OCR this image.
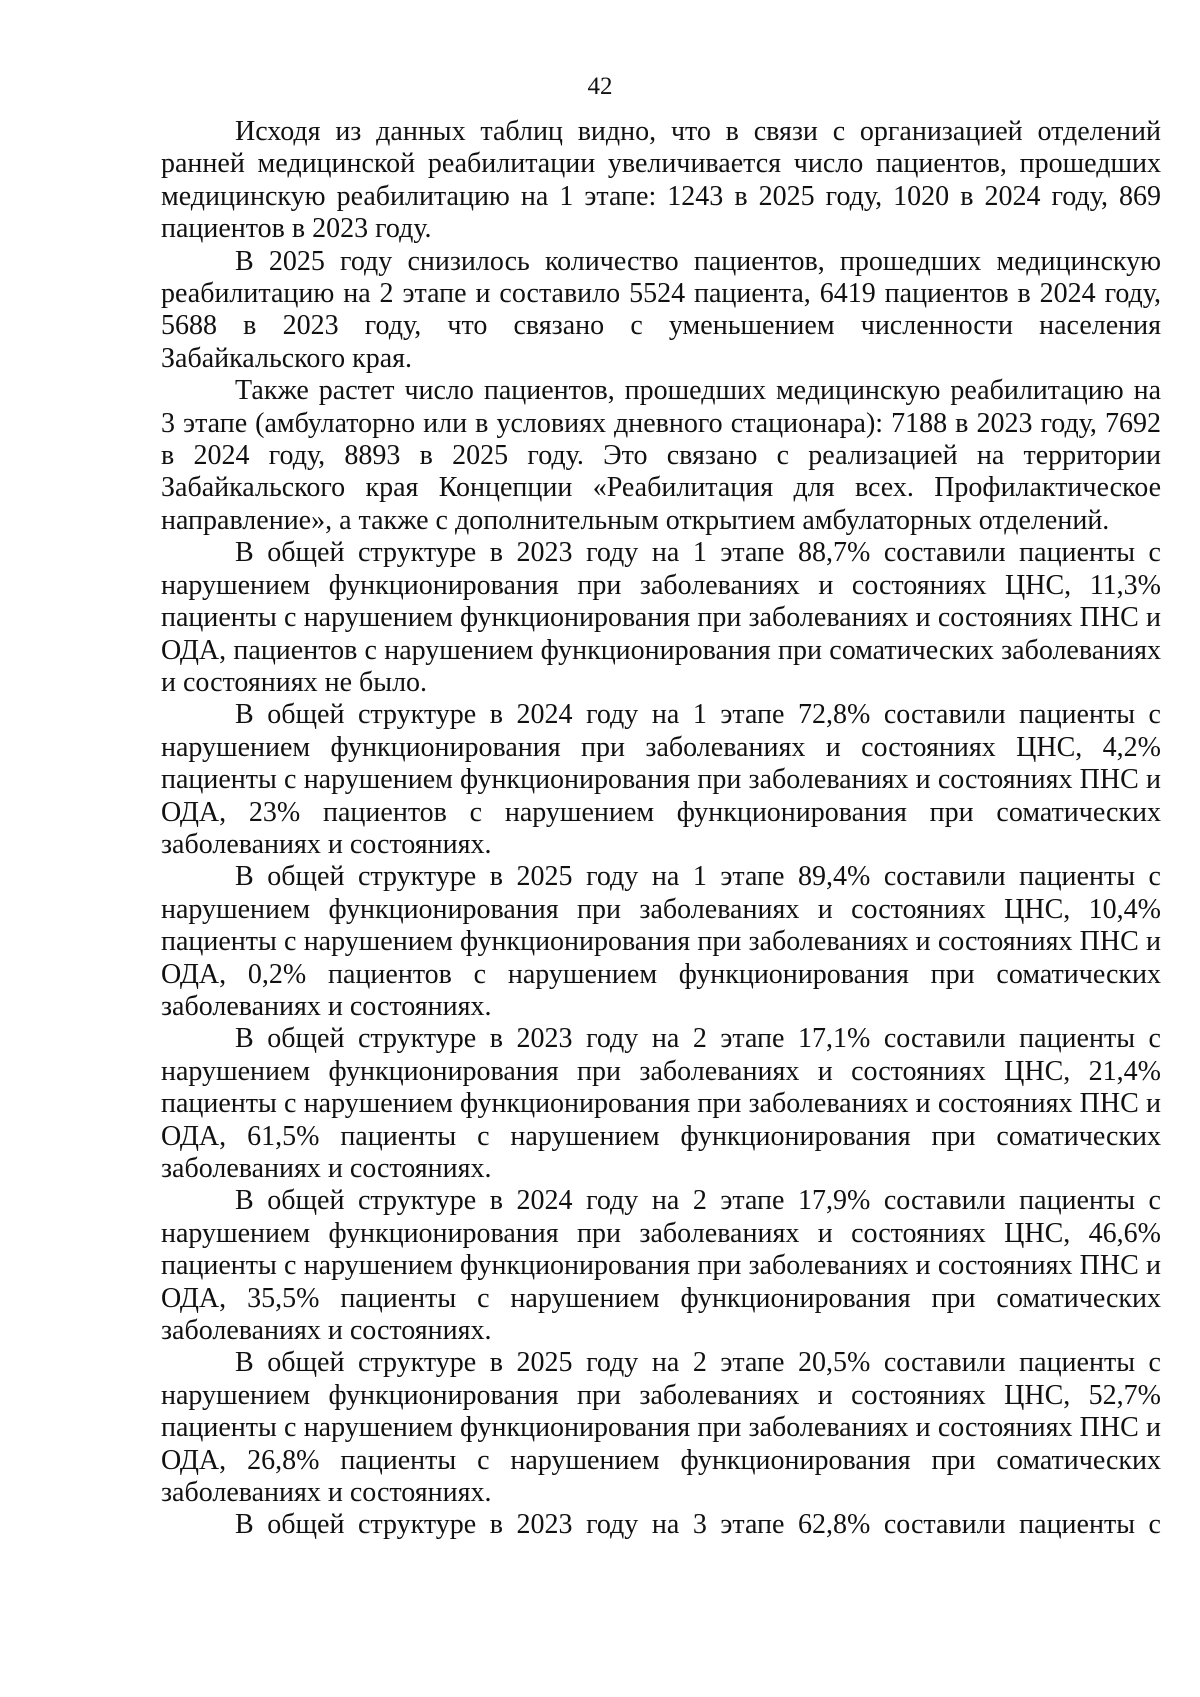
42

Исходя из данных таблиц видно, что в связи с организацией отделений ранней медицинской реабилитации увеличивается число пациентов, прошедших медицинскую реабилитацию на 1 этапе: 1243 в 2025 году, 1020 в 2024 году, 869 пациентов в 2023 году.

В 2025 году снизилось количество пациентов, прошедших медицинскую реабилитацию на 2 этапе и составило 5524 пациента, 6419 пациентов в 2024 году, 5688 в 2023 году, что связано с уменьшением численности населения Забайкальского края.

Также растет число пациентов, прошедших медицинскую реабилитацию на 3 этапе (амбулаторно или в условиях дневного стационара): 7188 в 2023 году, 7692 в 2024 году, 8893 в 2025 году. Это связано с реализацией на территории Забайкальского края Концепции «Реабилитация для всех. Профилактическое направление», а также с дополнительным открытием амбулаторных отделений.

В общей структуре в 2023 году на 1 этапе 88,7% составили пациенты с нарушением функционирования при заболеваниях и состояниях ЦНС, 11,3% пациенты с нарушением функционирования при заболеваниях и состояниях ПНС и ОДА, пациентов с нарушением функционирования при соматических заболеваниях и состояниях не было.

В общей структуре в 2024 году на 1 этапе 72,8% составили пациенты с нарушением функционирования при заболеваниях и состояниях ЦНС, 4,2% пациенты с нарушением функционирования при заболеваниях и состояниях ПНС и ОДА, 23% пациентов с нарушением функционирования при соматических заболеваниях и состояниях.

В общей структуре в 2025 году на 1 этапе 89,4% составили пациенты с нарушением функционирования при заболеваниях и состояниях ЦНС, 10,4% пациенты с нарушением функционирования при заболеваниях и состояниях ПНС и ОДА, 0,2% пациентов с нарушением функционирования при соматических заболеваниях и состояниях.

В общей структуре в 2023 году на 2 этапе 17,1% составили пациенты с нарушением функционирования при заболеваниях и состояниях ЦНС, 21,4% пациенты с нарушением функционирования при заболеваниях и состояниях ПНС и ОДА, 61,5% пациенты с нарушением функционирования при соматических заболеваниях и состояниях.

В общей структуре в 2024 году на 2 этапе 17,9% составили пациенты с нарушением функционирования при заболеваниях и состояниях ЦНС, 46,6% пациенты с нарушением функционирования при заболеваниях и состояниях ПНС и ОДА, 35,5% пациенты с нарушением функционирования при соматических заболеваниях и состояниях.

В общей структуре в 2025 году на 2 этапе 20,5% составили пациенты с нарушением функционирования при заболеваниях и состояниях ЦНС, 52,7% пациенты с нарушением функционирования при заболеваниях и состояниях ПНС и ОДА, 26,8% пациенты с нарушением функционирования при соматических заболеваниях и состояниях.

В общей структуре в 2023 году на 3 этапе 62,8% составили пациенты с
